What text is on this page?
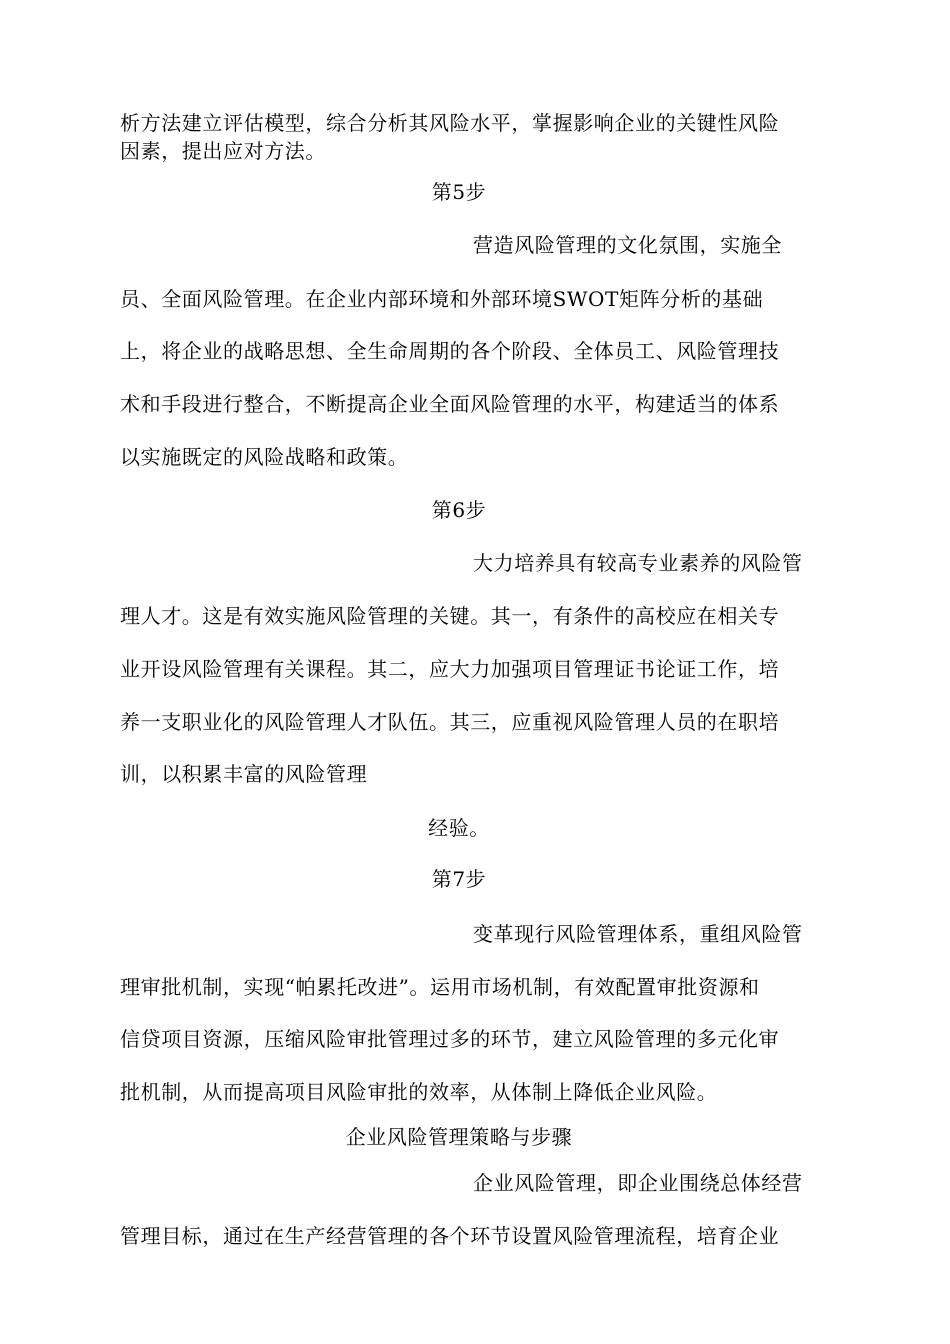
析方法建立评估模型，综合分析其风险水平，掌握影响企业的关键性风险

因素，提出应对方法。

第5步

营造风险管理的文化氛围，实施全

员、全面风险管理。在企业内部环境和外部环境SWOT矩阵分析的基础

上，将企业的战略思想、全生命周期的各个阶段、全体员工、风险管理技

术和手段进行整合，不断提高企业全面风险管理的水平，构建适当的体系

以实施既定的风险战略和政策。

第6步

大力培养具有较高专业素养的风险管

理人才。这是有效实施风险管理的关键。其一，有条件的高校应在相关专

业开设风险管理有关课程。其二，应大力加强项目管理证书论证工作，培

养一支职业化的风险管理人才队伍。其三，应重视风险管理人员的在职培

训，以积累丰富的风险管理

经验。

第7步

变革现行风险管理体系，重组风险管

理审批机制，实现“帕累托改进”。运用市场机制，有效配置审批资源和

信贷项目资源，压缩风险审批管理过多的环节，建立风险管理的多元化审

批机制，从而提高项目风险审批的效率，从体制上降低企业风险。

企业风险管理策略与步骤

企业风险管理，即企业围绕总体经营

管理目标，通过在生产经营管理的各个环节设置风险管理流程，培育企业
